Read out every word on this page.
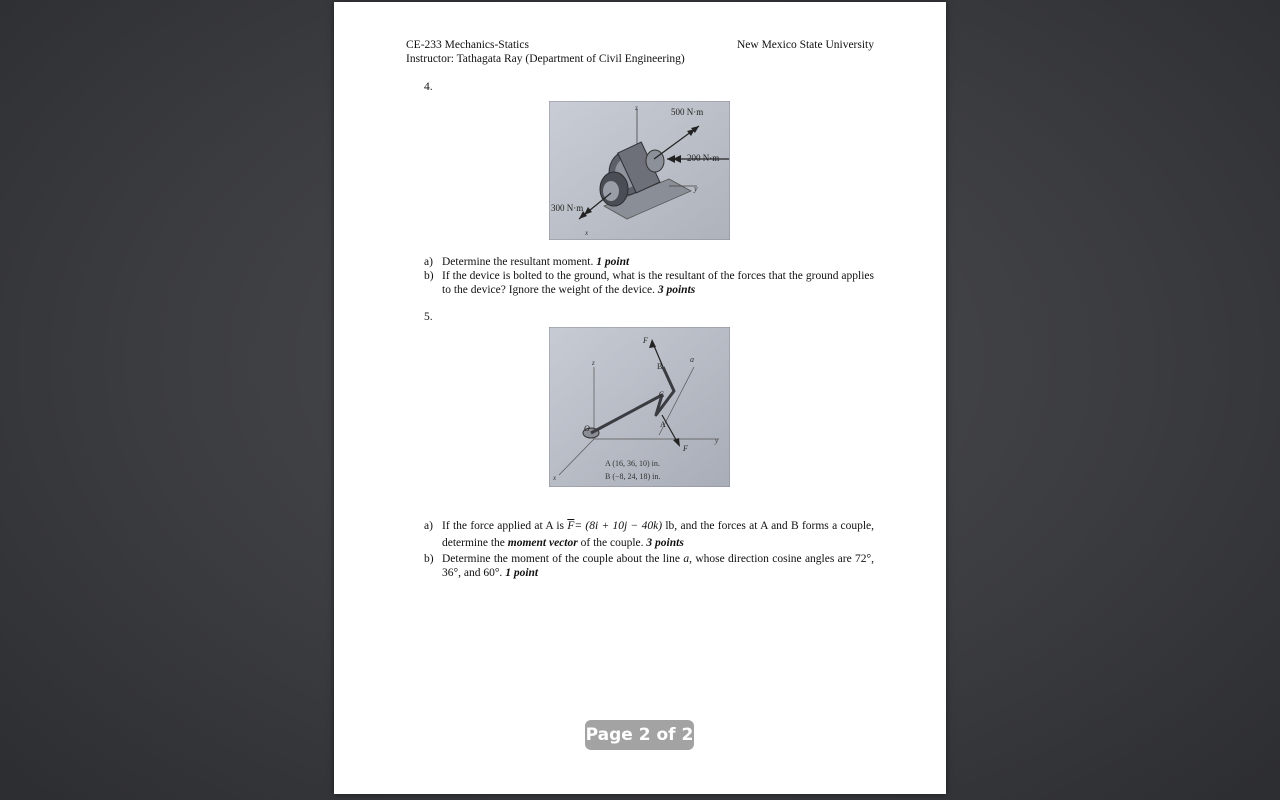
CE-233 Mechanics-Statics
Instructor: Tathagata Ray (Department of Civil Engineering)
New Mexico State University
4.
z	500 N·m
200 N·m
y
300 N·m
x
a) Determine the resultant moment. 1 point
b) If the device is bolted to the ground, what is the resultant of the forces that the ground applies to the device? Ignore the weight of the device. 3 points
5.
F
a
B
z
C
O	A
y
F
A (16, 36, 10) in.
B (−8, 24, 18) in.
x
a) If the force applied at A is $\overline{F}= (8i + 10j - 40k)$ lb, and the forces at A and B forms a couple, determine the moment vector of the couple. 3 points
b) Determine the moment of the couple about the line a, whose direction cosine angles are 72°, 36°, and 60°. 1 point
Page 2 of 2
